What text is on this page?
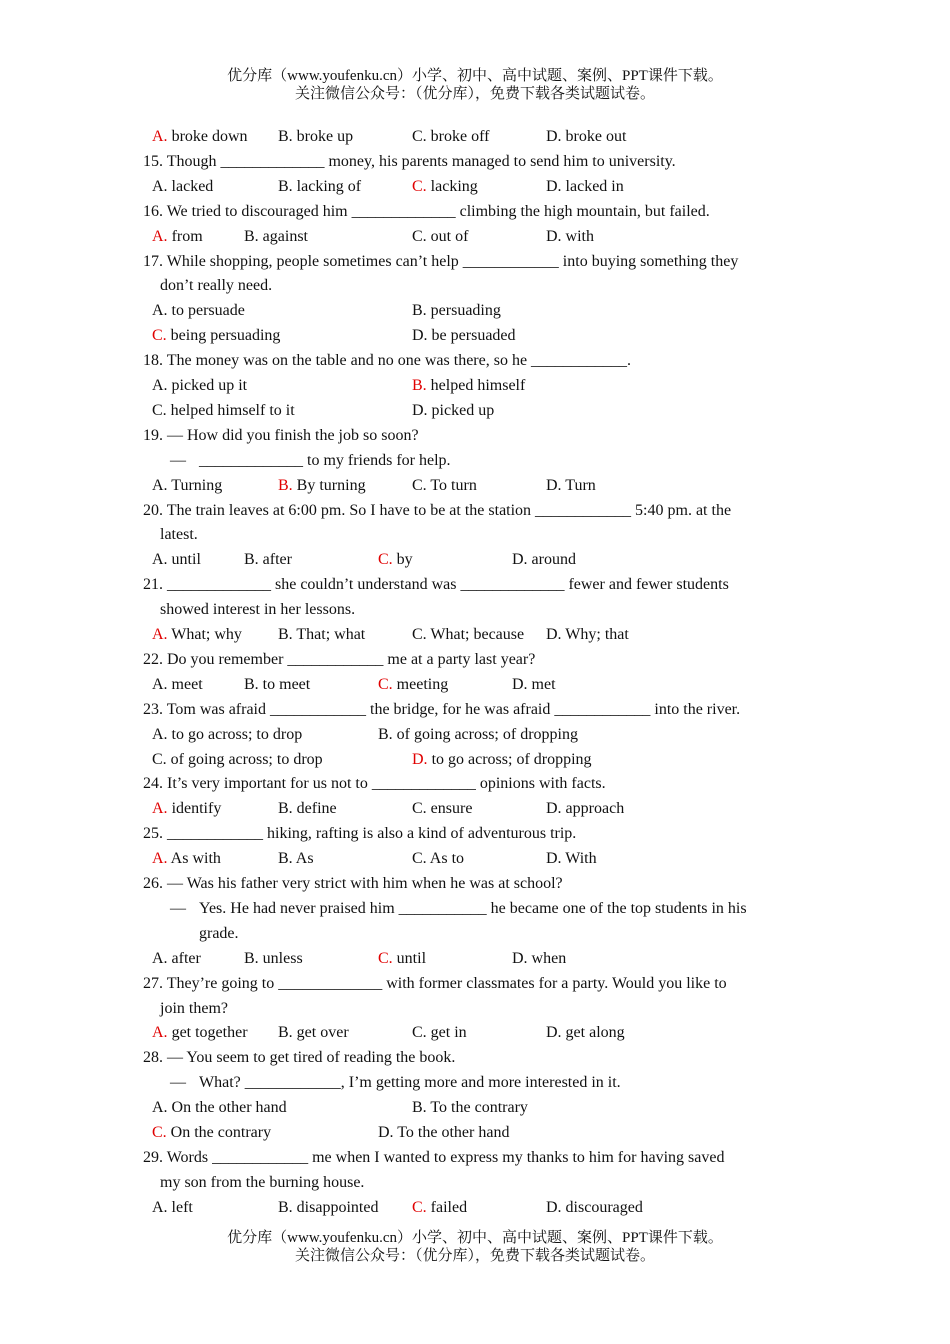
优分库（www.youfenku.cn）小学、初中、高中试题、案例、PPT课件下载。
关注微信公众号：（优分库），免费下载各类试题试卷。
A. broke down B. broke up	C. broke off	D. broke out
15. Though _____________ money, his parents managed to send him to university.
A. lacked	B. lacking of	C. lacking	D. lacked in
16. We tried to discouraged him _____________ climbing the high mountain, but failed.
A. from	B. against	C. out of	D. with
17. While shopping, people sometimes can’t help ____________ into buying something they
don’t really need.
A. to persuade	B. persuading
C. being persuading	D. be persuaded
18. The money was on the table and no one was there, so he ____________.
A. picked up it	B. helped himself
C. helped himself to it	D. picked up
19. — How did you finish the job so soon?
— _____________ to my friends for help.
A. Turning	B. By turning	C. To turn	D. Turn
20. The train leaves at 6:00 pm. So I have to be at the station ____________ 5:40 pm. at the
latest.
A. until	B. after	C. by	D. around
21. _____________ she couldn’t understand was _____________ fewer and fewer students
showed interest in her lessons.
A. What; why B. That; what	C. What; because D. Why; that
22. Do you remember ____________ me at a party last year?
A. meet	B. to meet	C. meeting	D. met
23. Tom was afraid ____________ the bridge, for he was afraid ____________ into the river.
A. to go across; to drop	B. of going across; of dropping
C. of going across; to drop	D. to go across; of dropping
24. It’s very important for us not to _____________ opinions with facts.
A. identify	B. define	C. ensure	D. approach
25. ____________ hiking, rafting is also a kind of adventurous trip.
A. As with	B. As	C. As to	D. With
26. — Was his father very strict with him when he was at school?
— Yes. He had never praised him ___________ he became one of the top students in his
grade.
A. after	B. unless	C. until	D. when
27. They’re going to _____________ with former classmates for a party. Would you like to
join them?
A. get together B. get over	C. get in	D. get along
28. — You seem to get tired of reading the book.
— What? ____________, I’m getting more and more interested in it.
A. On the other hand	B. To the contrary
C. On the contrary	D. To the other hand
29. Words ____________ me when I wanted to express my thanks to him for having saved
my son from the burning house.
A. left	B. disappointed C. failed	D. discouraged
优分库（www.youfenku.cn）小学、初中、高中试题、案例、PPT课件下载。
关注微信公众号：（优分库），免费下载各类试题试卷。
